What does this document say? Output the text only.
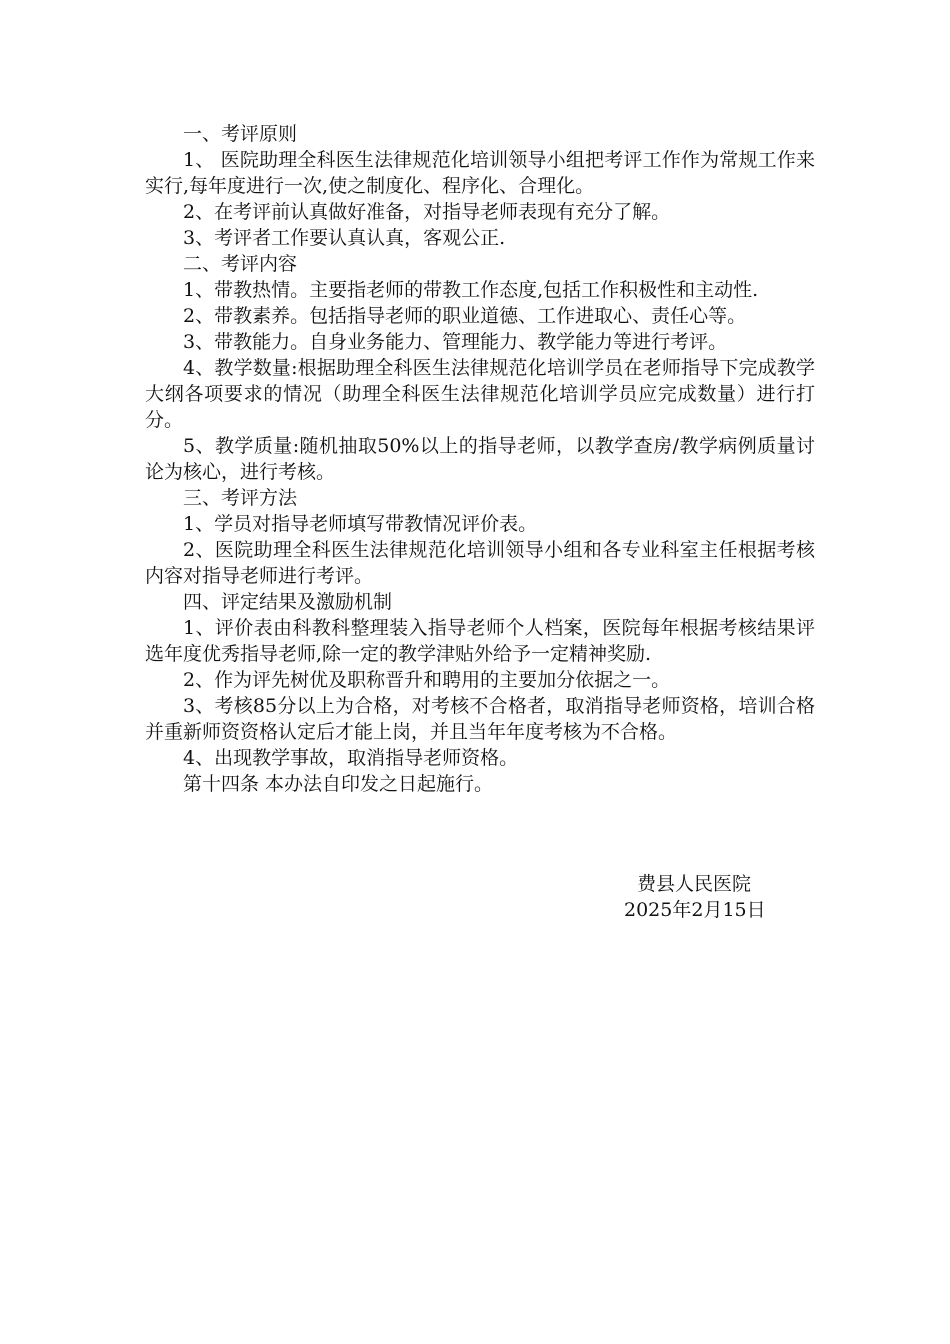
一、考评原则

1、 医院助理全科医生法律规范化培训领导小组把考评工作作为常规工作来实行,每年度进行一次,使之制度化、程序化、合理化。

2、在考评前认真做好准备，对指导老师表现有充分了解。

3、考评者工作要认真认真，客观公正.

二、考评内容

1、带教热情。主要指老师的带教工作态度,包括工作积极性和主动性.

2、带教素养。包括指导老师的职业道德、工作进取心、责任心等。

3、带教能力。自身业务能力、管理能力、教学能力等进行考评。

4、教学数量:根据助理全科医生法律规范化培训学员在老师指导下完成教学大纲各项要求的情况（助理全科医生法律规范化培训学员应完成数量）进行打分。

5、教学质量:随机抽取50%以上的指导老师，以教学查房/教学病例质量讨论为核心，进行考核。

三、考评方法

1、学员对指导老师填写带教情况评价表。

2、医院助理全科医生法律规范化培训领导小组和各专业科室主任根据考核内容对指导老师进行考评。

四、评定结果及激励机制

1、评价表由科教科整理装入指导老师个人档案，医院每年根据考核结果评选年度优秀指导老师,除一定的教学津贴外给予一定精神奖励.

2、作为评先树优及职称晋升和聘用的主要加分依据之一。

3、考核85分以上为合格，对考核不合格者，取消指导老师资格，培训合格并重新师资资格认定后才能上岗，并且当年年度考核为不合格。

4、出现教学事故，取消指导老师资格。

第十四条 本办法自印发之日起施行。

费县人民医院
2025年2月15日
